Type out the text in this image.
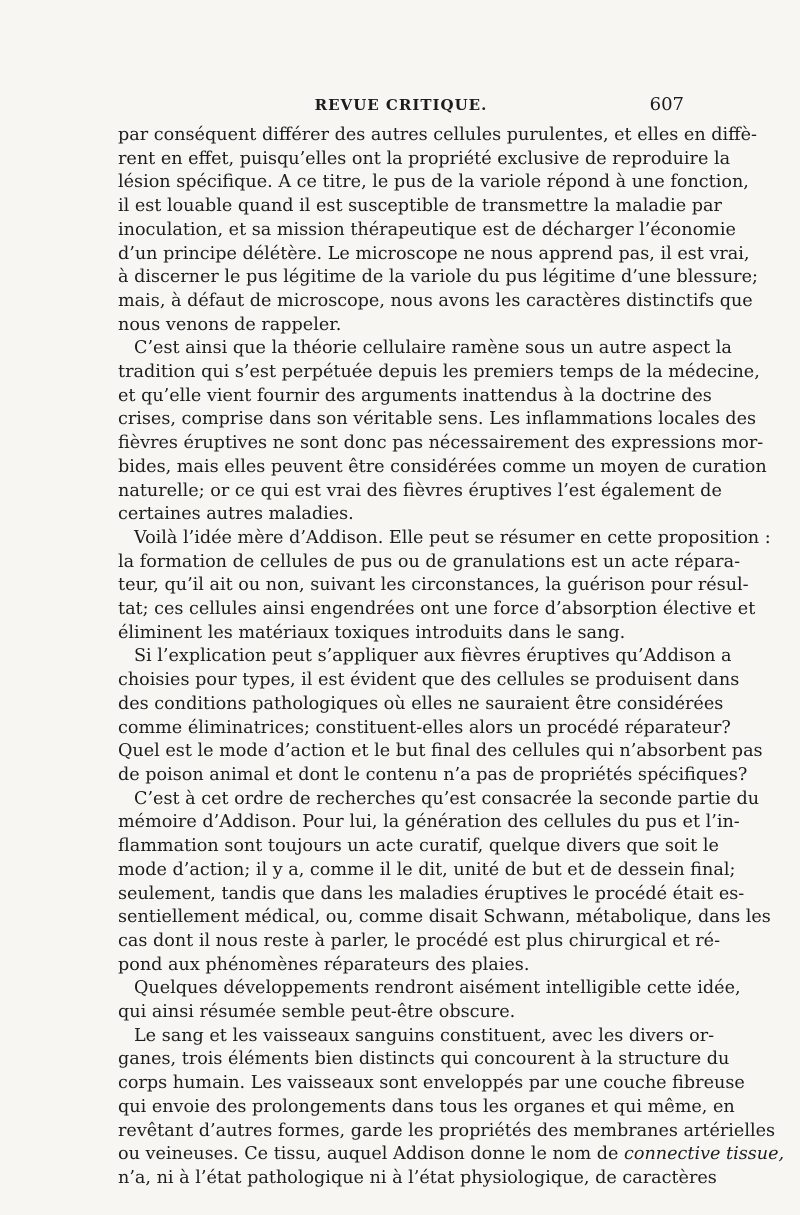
REVUE CRITIQUE.	607
par conséquent différer des autres cellules purulentes, et elles en diffè-
rent en effet, puisqu’elles ont la propriété exclusive de reproduire la
lésion spécifique. A ce titre, le pus de la variole répond à une fonction,
il est louable quand il est susceptible de transmettre la maladie par
inoculation, et sa mission thérapeutique est de décharger l’économie
d’un principe délétère. Le microscope ne nous apprend pas, il est vrai,
à discerner le pus légitime de la variole du pus légitime d’une blessure;
mais, à défaut de microscope, nous avons les caractères distinctifs que
nous venons de rappeler.
C’est ainsi que la théorie cellulaire ramène sous un autre aspect la
tradition qui s’est perpétuée depuis les premiers temps de la médecine,
et qu’elle vient fournir des arguments inattendus à la doctrine des
crises, comprise dans son véritable sens. Les inflammations locales des
fièvres éruptives ne sont donc pas nécessairement des expressions mor-
bides, mais elles peuvent être considérées comme un moyen de curation
naturelle; or ce qui est vrai des fièvres éruptives l’est également de
certaines autres maladies.
Voilà l’idée mère d’Addison. Elle peut se résumer en cette proposition :
la formation de cellules de pus ou de granulations est un acte répara-
teur, qu’il ait ou non, suivant les circonstances, la guérison pour résul-
tat; ces cellules ainsi engendrées ont une force d’absorption élective et
éliminent les matériaux toxiques introduits dans le sang.
Si l’explication peut s’appliquer aux fièvres éruptives qu’Addison a
choisies pour types, il est évident que des cellules se produisent dans
des conditions pathologiques où elles ne sauraient être considérées
comme éliminatrices; constituent-elles alors un procédé réparateur?
Quel est le mode d’action et le but final des cellules qui n’absorbent pas
de poison animal et dont le contenu n’a pas de propriétés spécifiques?
C’est à cet ordre de recherches qu’est consacrée la seconde partie du
mémoire d’Addison. Pour lui, la génération des cellules du pus et l’in-
flammation sont toujours un acte curatif, quelque divers que soit le
mode d’action; il y a, comme il le dit, unité de but et de dessein final;
seulement, tandis que dans les maladies éruptives le procédé était es-
sentiellement médical, ou, comme disait Schwann, métabolique, dans les
cas dont il nous reste à parler, le procédé est plus chirurgical et ré-
pond aux phénomènes réparateurs des plaies.
Quelques développements rendront aisément intelligible cette idée,
qui ainsi résumée semble peut-être obscure.
Le sang et les vaisseaux sanguins constituent, avec les divers or-
ganes, trois éléments bien distincts qui concourent à la structure du
corps humain. Les vaisseaux sont enveloppés par une couche fibreuse
qui envoie des prolongements dans tous les organes et qui même, en
revêtant d’autres formes, garde les propriétés des membranes artérielles
ou veineuses. Ce tissu, auquel Addison donne le nom de connective tissue,
n’a, ni à l’état pathologique ni à l’état physiologique, de caractères
